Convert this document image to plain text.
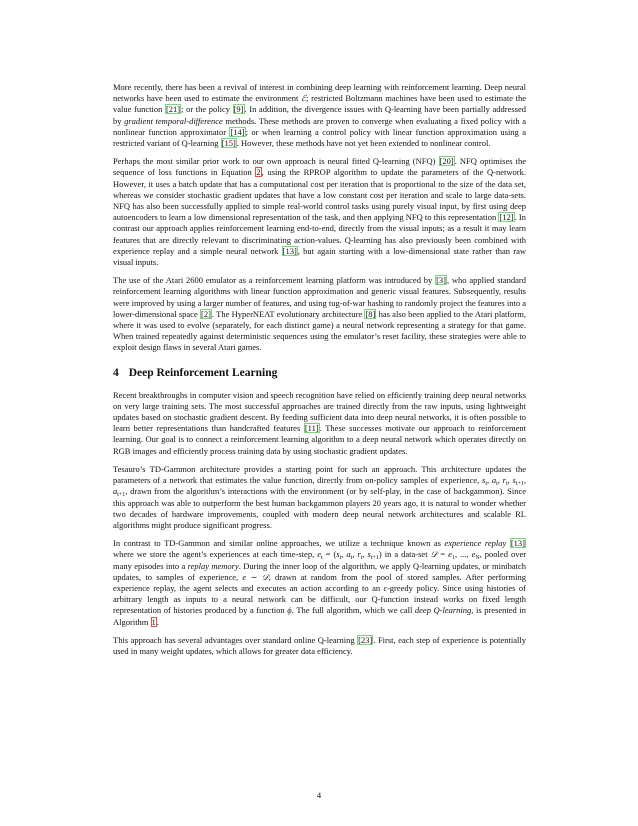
More recently, there has been a revival of interest in combining deep learning with reinforcement learning. Deep neural networks have been used to estimate the environment ℰ; restricted Boltzmann machines have been used to estimate the value function [21]; or the policy [9]. In addition, the divergence issues with Q-learning have been partially addressed by gradient temporal-difference methods. These methods are proven to converge when evaluating a fixed policy with a nonlinear function approximator [14]; or when learning a control policy with linear function approximation using a restricted variant of Q-learning [15]. However, these methods have not yet been extended to nonlinear control.

Perhaps the most similar prior work to our own approach is neural fitted Q-learning (NFQ) [20]. NFQ optimises the sequence of loss functions in Equation 2, using the RPROP algorithm to update the parameters of the Q-network. However, it uses a batch update that has a computational cost per iteration that is proportional to the size of the data set, whereas we consider stochastic gradient updates that have a low constant cost per iteration and scale to large data-sets. NFQ has also been successfully applied to simple real-world control tasks using purely visual input, by first using deep autoencoders to learn a low dimensional representation of the task, and then applying NFQ to this representation [12]. In contrast our approach applies reinforcement learning end-to-end, directly from the visual inputs; as a result it may learn features that are directly relevant to discriminating action-values. Q-learning has also previously been combined with experience replay and a simple neural network [13], but again starting with a low-dimensional state rather than raw visual inputs.

The use of the Atari 2600 emulator as a reinforcement learning platform was introduced by [3], who applied standard reinforcement learning algorithms with linear function approximation and generic visual features. Subsequently, results were improved by using a larger number of features, and using tug-of-war hashing to randomly project the features into a lower-dimensional space [2]. The HyperNEAT evolutionary architecture [8] has also been applied to the Atari platform, where it was used to evolve (separately, for each distinct game) a neural network representing a strategy for that game. When trained repeatedly against deterministic sequences using the emulator’s reset facility, these strategies were able to exploit design flaws in several Atari games.

4 Deep Reinforcement Learning

Recent breakthroughs in computer vision and speech recognition have relied on efficiently training deep neural networks on very large training sets. The most successful approaches are trained directly from the raw inputs, using lightweight updates based on stochastic gradient descent. By feeding sufficient data into deep neural networks, it is often possible to learn better representations than handcrafted features [11]. These successes motivate our approach to reinforcement learning. Our goal is to connect a reinforcement learning algorithm to a deep neural network which operates directly on RGB images and efficiently process training data by using stochastic gradient updates.

Tesauro’s TD-Gammon architecture provides a starting point for such an approach. This architecture updates the parameters of a network that estimates the value function, directly from on-policy samples of experience, $s_t$, $a_t$, $r_t$, $s_{t+1}$, $a_{t+1}$, drawn from the algorithm’s interactions with the environment (or by self-play, in the case of backgammon). Since this approach was able to outperform the best human backgammon players 20 years ago, it is natural to wonder whether two decades of hardware improvements, coupled with modern deep neural network architectures and scalable RL algorithms might produce significant progress.

In contrast to TD-Gammon and similar online approaches, we utilize a technique known as experience replay [13] where we store the agent’s experiences at each time-step, $e_t = (s_t$, $a_t$, $r_t$, $s_{t+1}$) in a data-set 𝒟 = $e_1$, ..., $e_N$, pooled over many episodes into a replay memory. During the inner loop of the algorithm, we apply Q-learning updates, or minibatch updates, to samples of experience, e ∼ 𝒟, drawn at random from the pool of stored samples. After performing experience replay, the agent selects and executes an action according to an ϵ-greedy policy. Since using histories of arbitrary length as inputs to a neural network can be difficult, our Q-function instead works on fixed length representation of histories produced by a function ϕ. The full algorithm, which we call deep Q-learning, is presented in Algorithm 1.

This approach has several advantages over standard online Q-learning [23]. First, each step of experience is potentially used in many weight updates, which allows for greater data efficiency.

4
